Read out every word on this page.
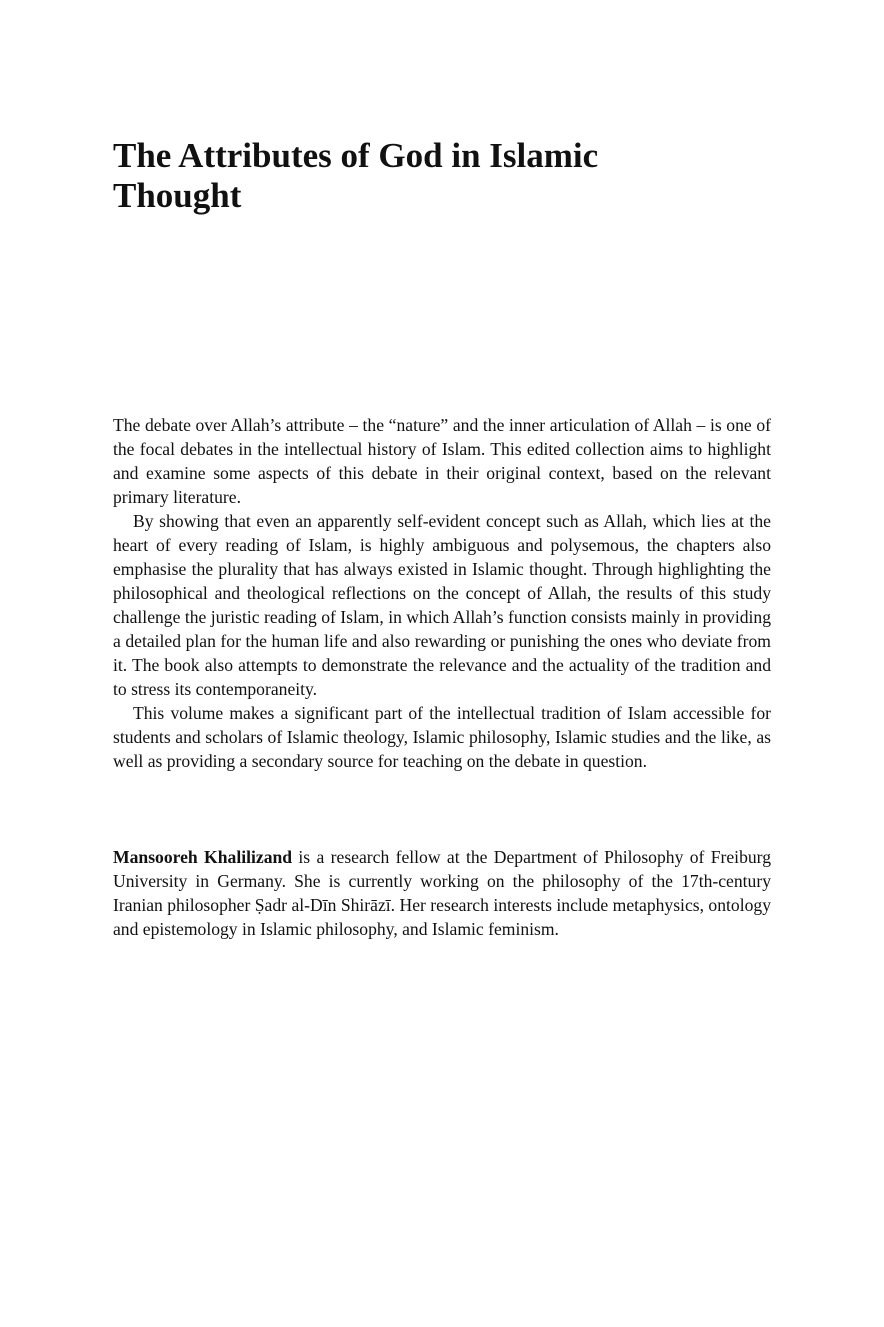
The Attributes of God in Islamic Thought

The debate over Allah’s attribute – the “nature” and the inner articulation of Allah – is one of the focal debates in the intellectual history of Islam. This edited collection aims to highlight and examine some aspects of this debate in their original context, based on the relevant primary literature.

By showing that even an apparently self-evident concept such as Allah, which lies at the heart of every reading of Islam, is highly ambiguous and polysemous, the chapters also emphasise the plurality that has always existed in Islamic thought. Through highlighting the philosophical and theological reflections on the concept of Allah, the results of this study challenge the juristic reading of Islam, in which Allah’s function consists mainly in providing a detailed plan for the human life and also rewarding or punishing the ones who deviate from it. The book also attempts to demonstrate the relevance and the actuality of the tradition and to stress its contemporaneity.

This volume makes a significant part of the intellectual tradition of Islam accessible for students and scholars of Islamic theology, Islamic philosophy, Islamic studies and the like, as well as providing a secondary source for teaching on the debate in question.

Mansooreh Khalilizand is a research fellow at the Department of Philosophy of Freiburg University in Germany. She is currently working on the philosophy of the 17th-century Iranian philosopher Ṣadr al-Dīn Shirāzī. Her research interests include metaphysics, ontology and epistemology in Islamic philosophy, and Islamic feminism.
